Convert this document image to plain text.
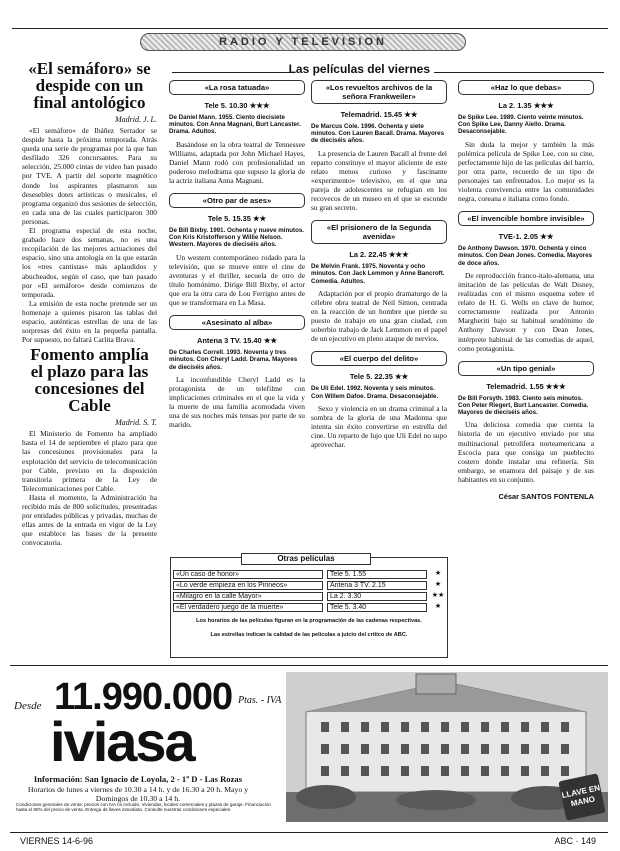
RADIO Y TELEVISION
«El semáforo» se despide con un final antológico
Madrid. J. L.

«El semáforo» de Ibáñez Serrador se despide hasta la próxima temporada. Atrás queda una serie de programas por la que han desfilado 326 concursantes. Para su selección, 25.000 cintas de video han pasado por TVE. A partir del soporte magnético donde los aspirantes plasmaron sus desesebles dotes artísticas o musicales, el programa organizó dos sesiones de selección, en cada una de las cuales participaron 300 personas.

El programa especial de esta noche, grabado hace dos semanas, no es una recopilación de las mejores actuaciones del espacio, sino una antología en la que estarán los «tres cantistas» más aplaudidos y abucheados, según el caso, que han pasado por «El semáforo» desde comienzos de temporada.

La emisión de esta noche pretende ser un homenaje a quienes pisaron las tablas del espacio, auténticas estrellas de una de las sorpresas del éxito en la pequeña pantalla. Por supuesto, no faltará Carlita Brava.

Fomento amplía el plazo para las concesiones del Cable
Madrid. S. T.

El Ministerio de Fomento ha ampliado hasta el 14 de septiembre el plazo para que las concesiones provisionales para la explotación del servicio de telecomunicación por Cable, previsto en la disposición transitoria primera de la Ley de Telecomunicaciones por Cable.

Hasta el momento, la Administración ha recibido más de 800 solicitudes, presentadas por entidades públicas y privadas, muchas de ellas antes de la entrada en vigor de la Ley que establece las bases de la presente convocatoria.

Las películas del viernes
«La rosa tatuada»
Tele 5. 10.30 ★★★
De Daniel Mann. 1955. Ciento diecisiete minutos. Con Anna Magnani, Burt Lancaster. Drama. Adultos.

Basándose en la obra teatral de Tennessee Williams, adaptada por John Michael Hayes, Daniel Mann rodó con profesionalidad un poderoso melodrama que supuso la gloria de la actriz italiana Anna Magnani.

«Otro par de ases»
Tele 5. 15.35 ★★
De Bill Bixby. 1991. Ochenta y nueve minutos. Con Kris Kristofferson y Willie Nelson. Western. Mayores de dieciséis años.

Un western contemporáneo rodado para la televisión, que se mueve entre el cine de aventuras y el thriller, secuela de otro de título homónimo. Dirige Bill Bixby, el actor que era la otra cara de Lou Ferrigno antes de que se transformara en La Masa.

«Asesinato al alba»
Antena 3 TV. 15.40 ★★
De Charles Correll. 1993. Noventa y tres minutos. Con Cheryl Ladd. Drama. Mayores de dieciséis años.

La inconfundible Cheryl Ladd es la protagonista de un telefilme con implicaciones criminales en el que la vida y la muerte de una familia acomodada viven una de sus noches más tensas por parte de su marido.

«Los revueltos archivos de la señora Frankweiler»
Telemadrid. 15.45 ★★
De Marcus Cole. 1996. Ochenta y siete minutos. Con Lauren Bacall. Drama. Mayores de dieciséis años.

La presencia de Lauren Bacall al frente del reparto constituye el mayor aliciente de este relato menos curioso y fascinante «experimento» televisivo, en el que una pareja de adolescentes se refugian en los recovecos de un museo en el que se esconde su gran secreto.

«El prisionero de la Segunda avenida»
La 2. 22.45 ★★★
De Melvin Frank. 1975. Noventa y ocho minutos. Con Jack Lemmon y Anne Bancroft. Comedia. Adultos.

Adaptación por el propio dramaturgo de la célebre obra teatral de Neil Simon, centrada en la reacción de un hombre que pierde su puesto de trabajo en una gran ciudad, con soberbio trabajo de Jack Lemmon en el papel de un ejecutivo en pleno ataque de nervios.

«El cuerpo del delito»
Tele 5. 22.35 ★★
De Uli Edel. 1992. Noventa y seis minutos. Con Willem Dafoe. Drama. Desaconsejable.

Sexo y violencia en un drama criminal a la sombra de la gloria de una Madonna que intenta sin éxito convertirse en estrella del cine. Un reparto de lujo que Uli Edel no supo aprovechar.

«Haz lo que debas»
La 2. 1.35 ★★★
De Spike Lee. 1989. Ciento veinte minutos. Con Spike Lee, Danny Aiello. Drama. Desaconsejable.

Sin duda la mejor y también la más polémica película de Spike Lee, con su cine, perfectamente hijo de las películas del barrio, por otra parte, recuerdo de un tipo de personajes tan enfrentados. Lo mejor es la violenta convivencia entre las comunidades negra, coreana e italiana como fondo.

«El invencible hombre invisible»
TVE-1. 2.05 ★★
De Anthony Dawson. 1970. Ochenta y cinco minutos. Con Dean Jones. Comedia. Mayores de doce años.

De reproducción franco-italo-alemana, una imitación de las películas de Walt Disney, realizadas con el mismo esquema sobre el relato de H. G. Wells en clave de humor, correctamente realizada por Antonio Margheriti bajo su habitual seudónimo de Anthony Dawson y con Dean Jones, intérprete habitual de las comedias de aquel, como protagonista.

«Un tipo genial»
Telemadrid. 1.55 ★★★
De Bill Forsyth. 1983. Ciento seis minutos. Con Peter Riegert, Burt Lancaster. Comedia. Mayores de dieciséis años.

Una deliciosa comedia que cuenta la historia de un ejecutivo enviado por una multinacional petrolífera norteamericana a Escocia para que consiga un pueblecito costero donde instalar una refinería. Sin embargo, se enamora del paisaje y de sus habitantes en su conjunto.

César SANTOS FONTENLA
Otras películas
«Un caso de honor»	Tele 5. 1.55	★
«Lo verde empieza en los Pirineos»	Antena 3 TV. 2.15	★
«Milagro en la calle Mayor»	La 2. 3.30	★★
«El verdadero juego de la muerte»	Tele 5. 3.40	★
Los horarios de las películas figuran en la programación de las cadenas respectivas.
Las estrellas indican la calidad de las películas a juicio del crítico de ABC.
Desde 11.990.000 Ptas. - IVA
iviasa
Información: San Ignacio de Loyola, 2 - 1º D - Las Rozas
Horarios de lunes a viernes de 10.30 a 14 h. y de 16.30 a 20 h. Mayo y Domingos de 10.30 a 14 h.
Condiciones generales de venta: precios con IVA no incluido. Viviendas, locales comerciales y plazas de garaje. Financiación hasta el 80% del precio de venta. Entrega de llaves inmediata. Consulte nuestras condiciones especiales.
LLAVE EN MANO
VIERNES 14-6-96	ABC · 149
